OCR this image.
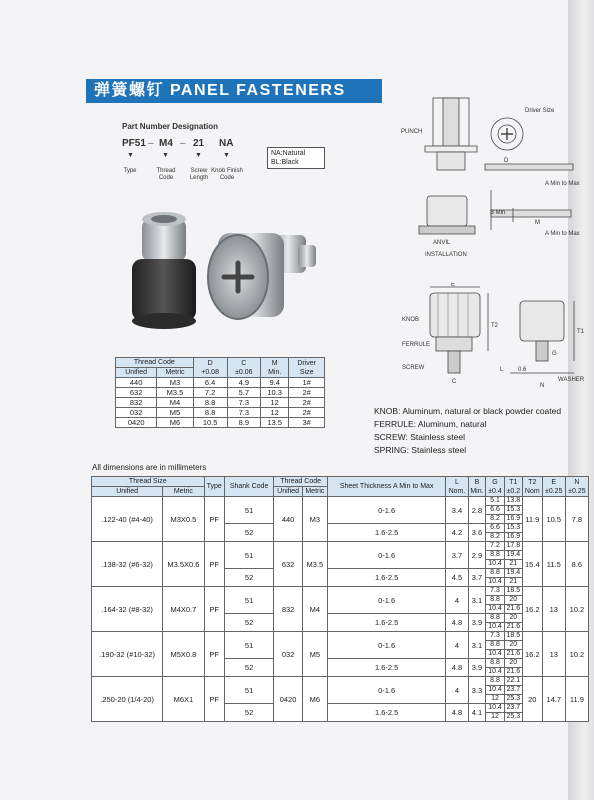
弹簧螺钉 PANEL FASTENERS
Part Number Designation
PF51 – M4 – 21 NA
▼	▼	▼	▼
Type	Thread Code
Screw Length
Knob Finish Code
NA:Natural
BL:Black
PUNCH
Driver Size
D
A Min to Max
B Min
M
A Min to Max
ANVIL
INSTALLATION
E
KNOB
FERRULE
SCREW
T2
T1
G
C
L 0.6
N
WASHER
KNOB: Aluminum, natural or black powder coated
FERRULE: Aluminum, natural
SCREW: Stainless steel
SPRING: Stainless steel
Thread Code		D
+0.08	C
±0.06	M
Min.	Driver
Size
Unified	Metric				
440	M3	6.4	4.9	9.4	1#
632	M3.5	7.2	5.7	10.3	2#
832	M4	8.8	7.3	12	2#
032	M5	8.8	7.3	12	2#
0420	M6	10.5	8.9	13.5	3#
All dimensions are in millimeters
Thread Size		Type	Shank Code	Thread Code		Sheet Thickness A Min to Max	L
Nom.	B
Min.	G
±0.4	T1
±0.2	T2
Nom	E
±0.25	N
±0.25
Unified	Metric			Unified	Metric								
.122-40 (#4-40)	M3X0.5	PF	51	440	M3	0-1.6	3.4	2.8	5.1	13.8	11.9	10.5	7.8
									6.6	15.3			
									8.2	16.9			
			52			1.6-2.5	4.2	3.6	6.6	15.3			
									8.2	16.9			
.138-32 (#6-32)	M3.5X0.6	PF	51	632	M3.5	0-1.6	3.7	2.9	7.2	17.8	15.4	11.5	8.6
									8.8	19.4			
									10.4	21			
			52			1.6-2.5	4.5	3.7	8.8	19.4			
									10.4	21			
.164-32 (#8-32)	M4X0.7	PF	51	832	M4	0-1.6	4	3.1	7.3	18.5	16.2	13	10.2
									8.8	20			
									10.4	21.6			
			52			1.6-2.5	4.8	3.9	8.8	20			
									10.4	21.6			
.190-32 (#10-32)	M5X0.8	PF	51	032	M5	0-1.6	4	3.1	7.3	18.5	16.2	13	10.2
									8.8	20			
									10.4	21.6			
			52			1.6-2.5	4.8	3.9	8.8	20			
									10.4	21.6			
.250-20 (1/4-20)	M6X1	PF	51	0420	M6	0-1.6	4	3.3	8.8	22.1	20	14.7	11.9
									10.4	23.7			
									12	25.3			
			52			1.6-2.5	4.8	4.1	10.4	23.7			
									12	25.3			
